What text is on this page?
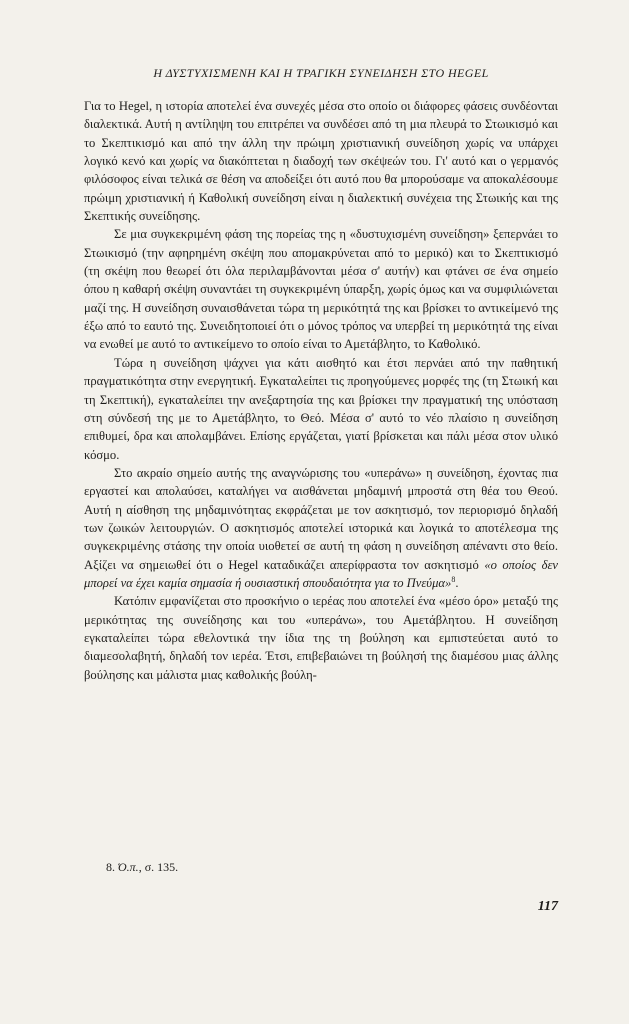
Η ΔΥΣΤΥΧΙΣΜΕΝΗ ΚΑΙ Η ΤΡΑΓΙΚΗ ΣΥΝΕΙΔΗΣΗ ΣΤΟ HEGEL

Για το Hegel, η ιστορία αποτελεί ένα συνεχές μέσα στο οποίο οι διάφορες φάσεις συνδέονται διαλεκτικά. Αυτή η αντίληψη του επιτρέπει να συνδέσει από τη μια πλευρά το Στωικισμό και το Σκεπτικισμό και από την άλλη την πρώιμη χριστιανική συνείδηση χωρίς να υπάρχει λογικό κενό και χωρίς να διακόπτεται η διαδοχή των σκέψεών του. Γι' αυτό και ο γερμανός φιλόσοφος είναι τελικά σε θέση να αποδείξει ότι αυτό που θα μπορούσαμε να αποκαλέσουμε πρώιμη χριστιανική ή Καθολική συνείδηση είναι η διαλεκτική συνέχεια της Στωικής και της Σκεπτικής συνείδησης.

Σε μια συγκεκριμένη φάση της πορείας της η «δυστυχισμένη συνείδηση» ξεπερνάει το Στωικισμό (την αφηρημένη σκέψη που απομακρύνεται από το μερικό) και το Σκεπτικισμό (τη σκέψη που θεωρεί ότι όλα περιλαμβάνονται μέσα σ' αυτήν) και φτάνει σε ένα σημείο όπου η καθαρή σκέψη συναντάει τη συγκεκριμένη ύπαρξη, χωρίς όμως και να συμφιλιώνεται μαζί της. Η συνείδηση συναισθάνεται τώρα τη μερικότητά της και βρίσκει το αντικείμενό της έξω από το εαυτό της. Συνειδητοποιεί ότι ο μόνος τρόπος να υπερβεί τη μερικότητά της είναι να ενωθεί με αυτό το αντικείμενο το οποίο είναι το Αμετάβλητο, το Καθολικό.

Τώρα η συνείδηση ψάχνει για κάτι αισθητό και έτσι περνάει από την παθητική πραγματικότητα στην ενεργητική. Εγκαταλείπει τις προηγούμενες μορφές της (τη Στωική και τη Σκεπτική), εγκαταλείπει την ανεξαρτησία της και βρίσκει την πραγματική της υπόσταση στη σύνδεσή της με το Αμετάβλητο, το Θεό. Μέσα σ' αυτό το νέο πλαίσιο η συνείδηση επιθυμεί, δρα και απολαμβάνει. Επίσης εργάζεται, γιατί βρίσκεται και πάλι μέσα στον υλικό κόσμο.

Στο ακραίο σημείο αυτής της αναγνώρισης του «υπεράνω» η συνείδηση, έχοντας πια εργαστεί και απολαύσει, καταλήγει να αισθάνεται μηδαμινή μπροστά στη θέα του Θεού. Αυτή η αίσθηση της μηδαμινότητας εκφράζεται με τον ασκητισμό, τον περιορισμό δηλαδή των ζωικών λειτουργιών. Ο ασκητισμός αποτελεί ιστορικά και λογικά το αποτέλεσμα της συγκεκριμένης στάσης την οποία υιοθετεί σε αυτή τη φάση η συνείδηση απέναντι στο θείο. Αξίζει να σημειωθεί ότι ο Hegel καταδικάζει απερίφραστα τον ασκητισμό «ο οποίος δεν μπορεί να έχει καμία σημασία ή ουσιαστική σπουδαιότητα για το Πνεύμα»$^8$.

Κατόπιν εμφανίζεται στο προσκήνιο ο ιερέας που αποτελεί ένα «μέσο όρο» μεταξύ της μερικότητας της συνείδησης και του «υπεράνω», του Αμετάβλητου. Η συνείδηση εγκαταλείπει τώρα εθελοντικά την ίδια της τη βούληση και εμπιστεύεται αυτό το διαμεσολαβητή, δηλαδή τον ιερέα. Έτσι, επιβεβαιώνει τη βούλησή της διαμέσου μιας άλλης βούλησης και μάλιστα μιας καθολικής βούλη-

8. Ό.π., σ. 135.
117
